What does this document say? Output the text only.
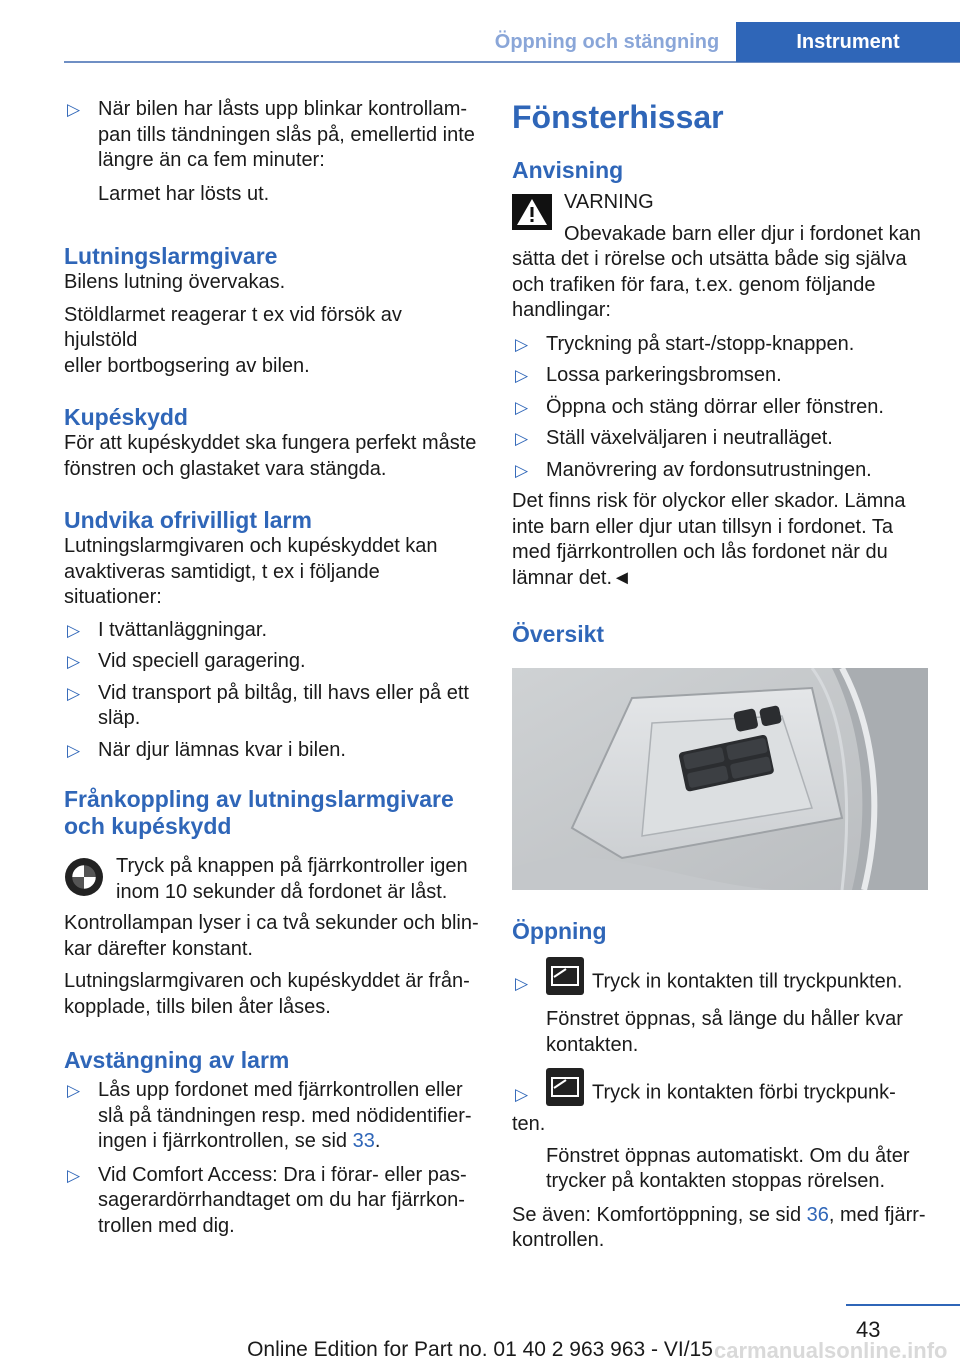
Öppning och stängning	Instrument
▷ När bilen har låsts upp blinkar kontrollam-
pan tills tändningen slås på, emellertid inte
längre än ca fem minuter:
Larmet har lösts ut.
Lutningslarmgivare

Bilens lutning övervakas.

Stöldlarmet reagerar t ex vid försök av hjulstöld

eller bortbogsering av bilen.

Kupéskydd

För att kupéskyddet ska fungera perfekt måste

fönstren och glastaket vara stängda.

Undvika ofrivilligt larm

Lutningslarmgivaren och kupéskyddet kan

avaktiveras samtidigt, t ex i följande situationer:

▷ I tvättanläggningar.
▷ Vid speciell garagering.
▷ Vid transport på biltåg, till havs eller på ett
släp.
▷ När djur lämnas kvar i bilen.
Frånkoppling av lutningslarmgivare
och kupéskydd

Tryck på knappen på fjärrkontroller igen

inom 10 sekunder då fordonet är låst.

Kontrollampan lyser i ca två sekunder och blin-

kar därefter konstant.

Lutningslarmgivaren och kupéskyddet är från-

kopplade, tills bilen åter låses.

Avstängning av larm
▷ Lås upp fordonet med fjärrkontrollen eller
slå på tändningen resp. med nödidentifier-
ingen i fjärrkontrollen, se sid 33.
▷ Vid Comfort Access: Dra i förar- eller pas-
sagerardörrhandtaget om du har fjärrkon-
trollen med dig.
Fönsterhissar
Anvisning

VARNING

Obevakade barn eller djur i fordonet kan

sätta det i rörelse och utsätta både sig själva

och trafiken för fara, t.ex. genom följande

handlingar:

▷ Tryckning på start-/stopp-knappen.
▷ Lossa parkeringsbromsen.
▷ Öppna och stäng dörrar eller fönstren.
▷ Ställ växelväljaren i neutralläget.
▷ Manövrering av fordonsutrustningen.

Det finns risk för olyckor eller skador. Lämna

inte barn eller djur utan tillsyn i fordonet. Ta

med fjärrkontrollen och lås fordonet när du

lämnar det.◄

Översikt
Öppning
▷	Tryck in kontakten till tryckpunkten.
Fönstret öppnas, så länge du håller kvar
kontakten.
▷	Tryck in kontakten förbi tryckpunk-
ten.
Fönstret öppnas automatiskt. Om du åter
trycker på kontakten stoppas rörelsen.

Se även: Komfortöppning, se sid 36, med fjärr-

kontrollen.

43
carmanualsonline.info
Online Edition for Part no. 01 40 2 963 963 - VI/15
